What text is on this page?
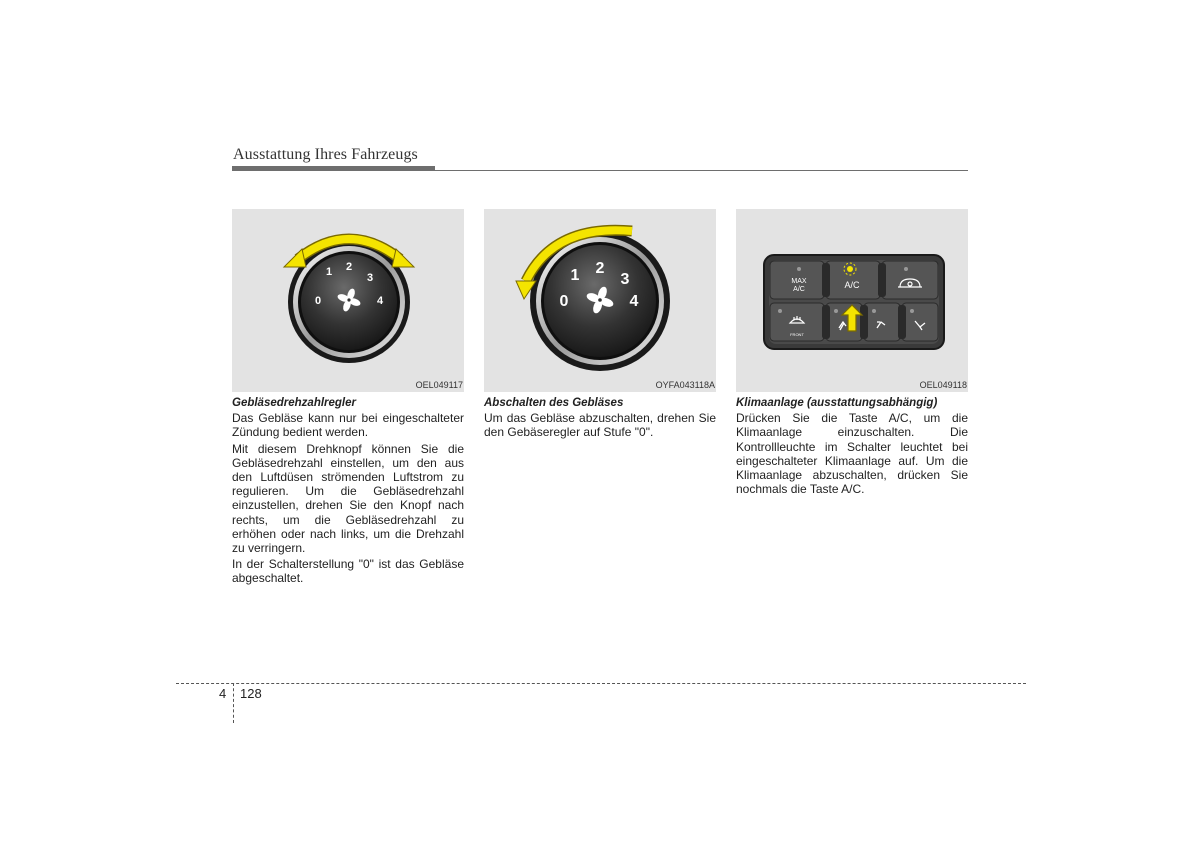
Ausstattung Ihres Fahrzeugs
0
1 2
3
4
OEL049117
0
1 2
3
4
OYFA043118A
MAX
A/C	A/C
FRONT
OEL049118
Gebläsedrehzahlregler

Das Gebläse kann nur bei eingeschalteter Zündung bedient werden.

Mit diesem Drehknopf können Sie die Gebläsedrehzahl einstellen, um den aus den Luftdüsen strömenden Luftstrom zu regulieren. Um die Gebläsedrehzahl einzustellen, drehen Sie den Knopf nach rechts, um die Gebläsedrehzahl zu erhöhen oder nach links, um die Drehzahl zu verringern.

In der Schalterstellung "0" ist das Gebläse abgeschaltet.

Abschalten des Gebläses

Um das Gebläse abzuschalten, drehen Sie den Gebäseregler auf Stufe "0".

Klimaanlage (ausstattungsabhängig)

Drücken Sie die Taste A/C, um die Klimaanlage einzuschalten. Die Kontrollleuchte im Schalter leuchtet bei eingeschalteter Klimaanlage auf. Um die Klimaanlage abzuschalten, drücken Sie nochmals die Taste A/C.

4 128
